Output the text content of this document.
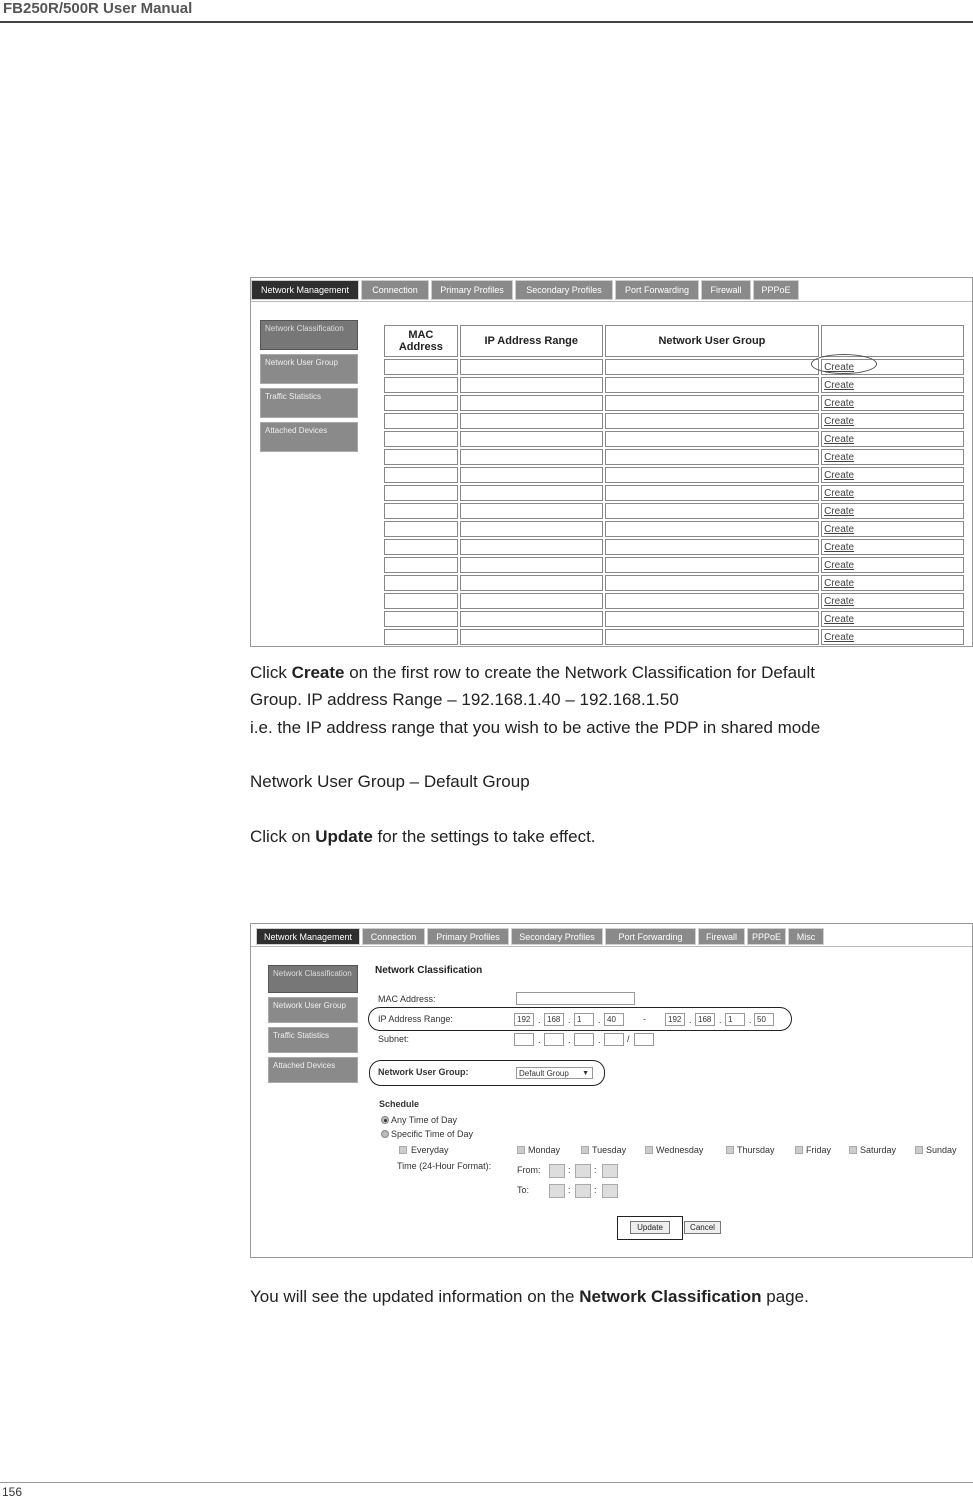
FB250R/500R User Manual
Network Management	Connection	Primary Profiles	Secondary Profiles	Port Forwarding	Firewall	PPPoE
Network Classification
Network User Group
Traffic Statistics
Attached Devices
MAC Address	IP Address Range	Network User Group	
			Create
			Create
			Create
			Create
			Create
			Create
			Create
			Create
			Create
			Create
			Create
			Create
			Create
			Create
			Create
			Create
Click Create on the first row to create the Network Classification for Default
Group. IP address Range – 192.168.1.40 – 192.168.1.50
i.e. the IP address range that you wish to be active the PDP in shared mode
Network User Group – Default Group
Click on Update for the settings to take effect.
Network Management	Connection	Primary Profiles	Secondary Profiles	Port Forwarding	Firewall	PPPoE	Misc
Network Classification
Network User Group
Traffic Statistics
Attached Devices
Network Classification
MAC Address:
IP Address Range:	192 . 168 . 1	. 40	-	192 . 168 . 1	. 50
Subnet:	.	.	.	/
Network User Group:	Default Group ▼
Schedule
Any Time of Day
Specific Time of Day
Everyday	Monday	Tuesday	Wednesday	Thursday	Friday	Saturday	Sunday
Time (24-Hour Format):	From:	:	:
To:	:	:
Update	Cancel
You will see the updated information on the Network Classification page.
156
